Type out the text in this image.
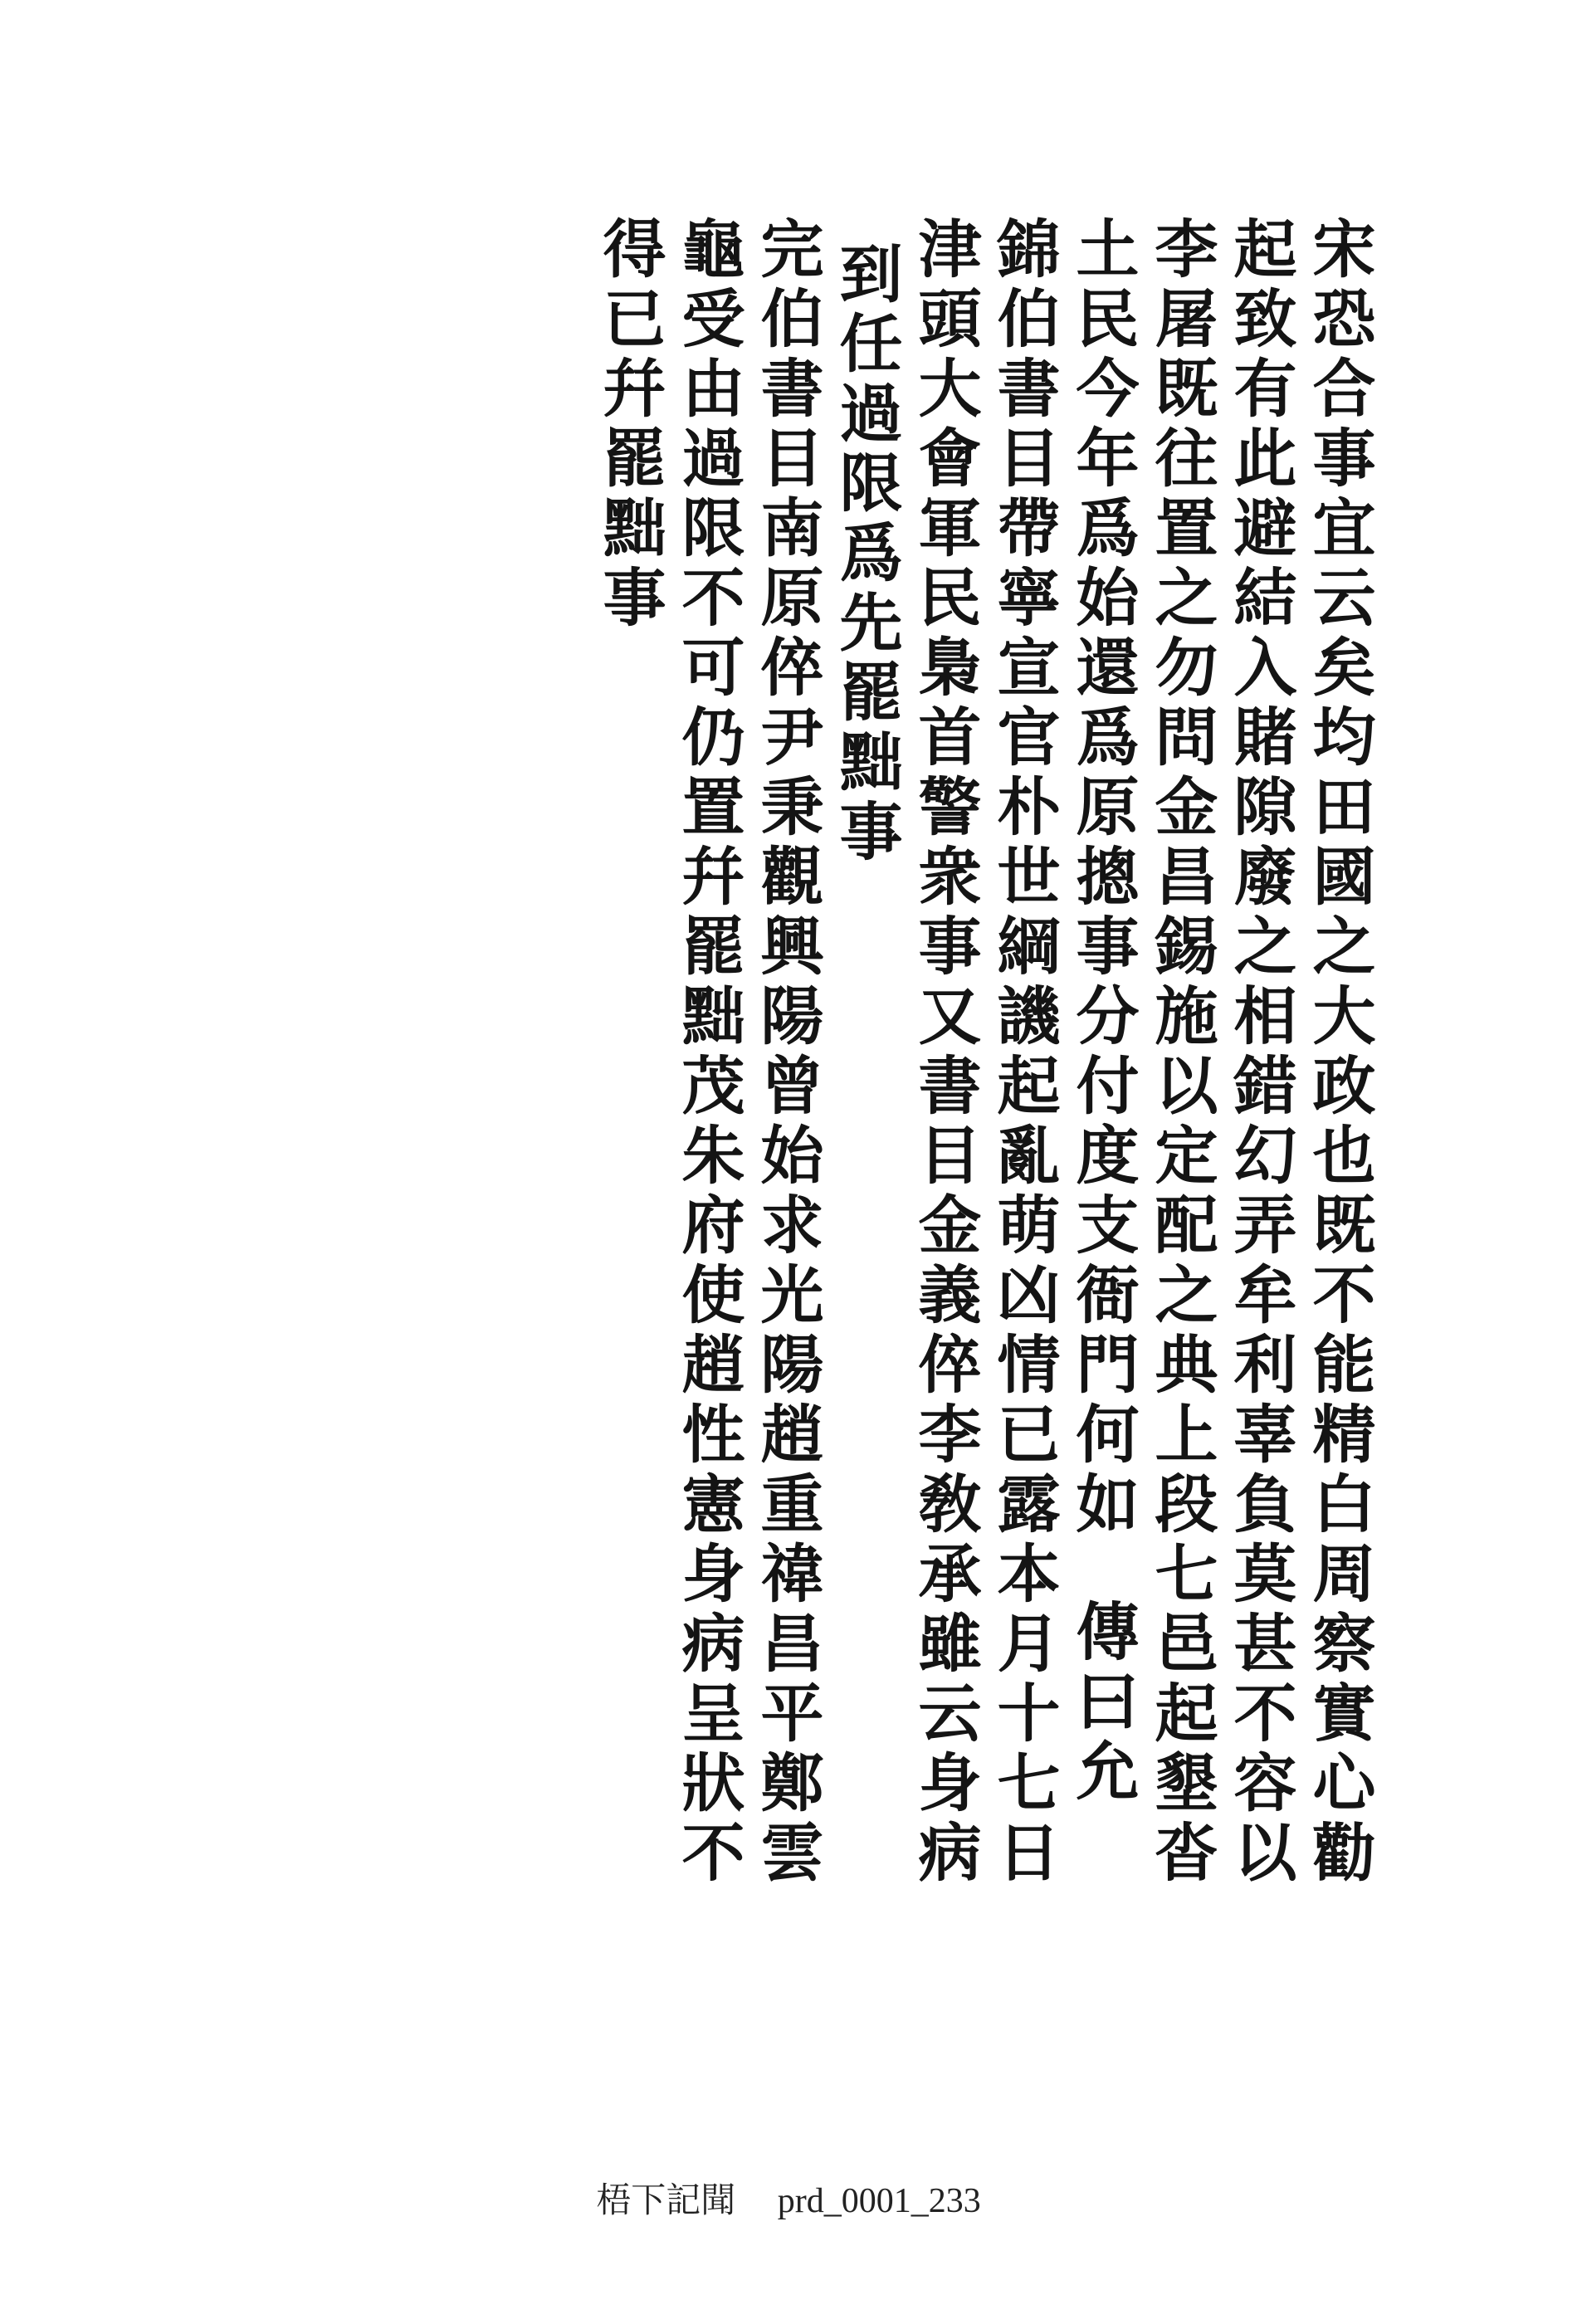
宋恐合事宜云矣均田國之大政也既不能精白周察實心勸
起致有此避結入賭隙廢之相錯幻弄牟利辜負莫甚不容以
李屠既往置之勿問金昌錫施以定配之典上段七邑起墾沓
土民今年爲始還爲原摠事分付度支衙門何如傳曰允
錦伯書目帶寧宣官朴世綱譏起亂萌凶情已露本月十七日
津頭大會軍民梟首警衆事又書目金義倅李敎承雖云身病
到任過限爲先罷黜事
完伯書目南原倅尹秉觀興陽曾始求光陽趙重禕昌平鄭雲
龜受由過限不可仍置幷罷黜茂朱府使趙性憲身病呈狀不
得已幷罷黜事
梧下記聞 prd_0001_233
